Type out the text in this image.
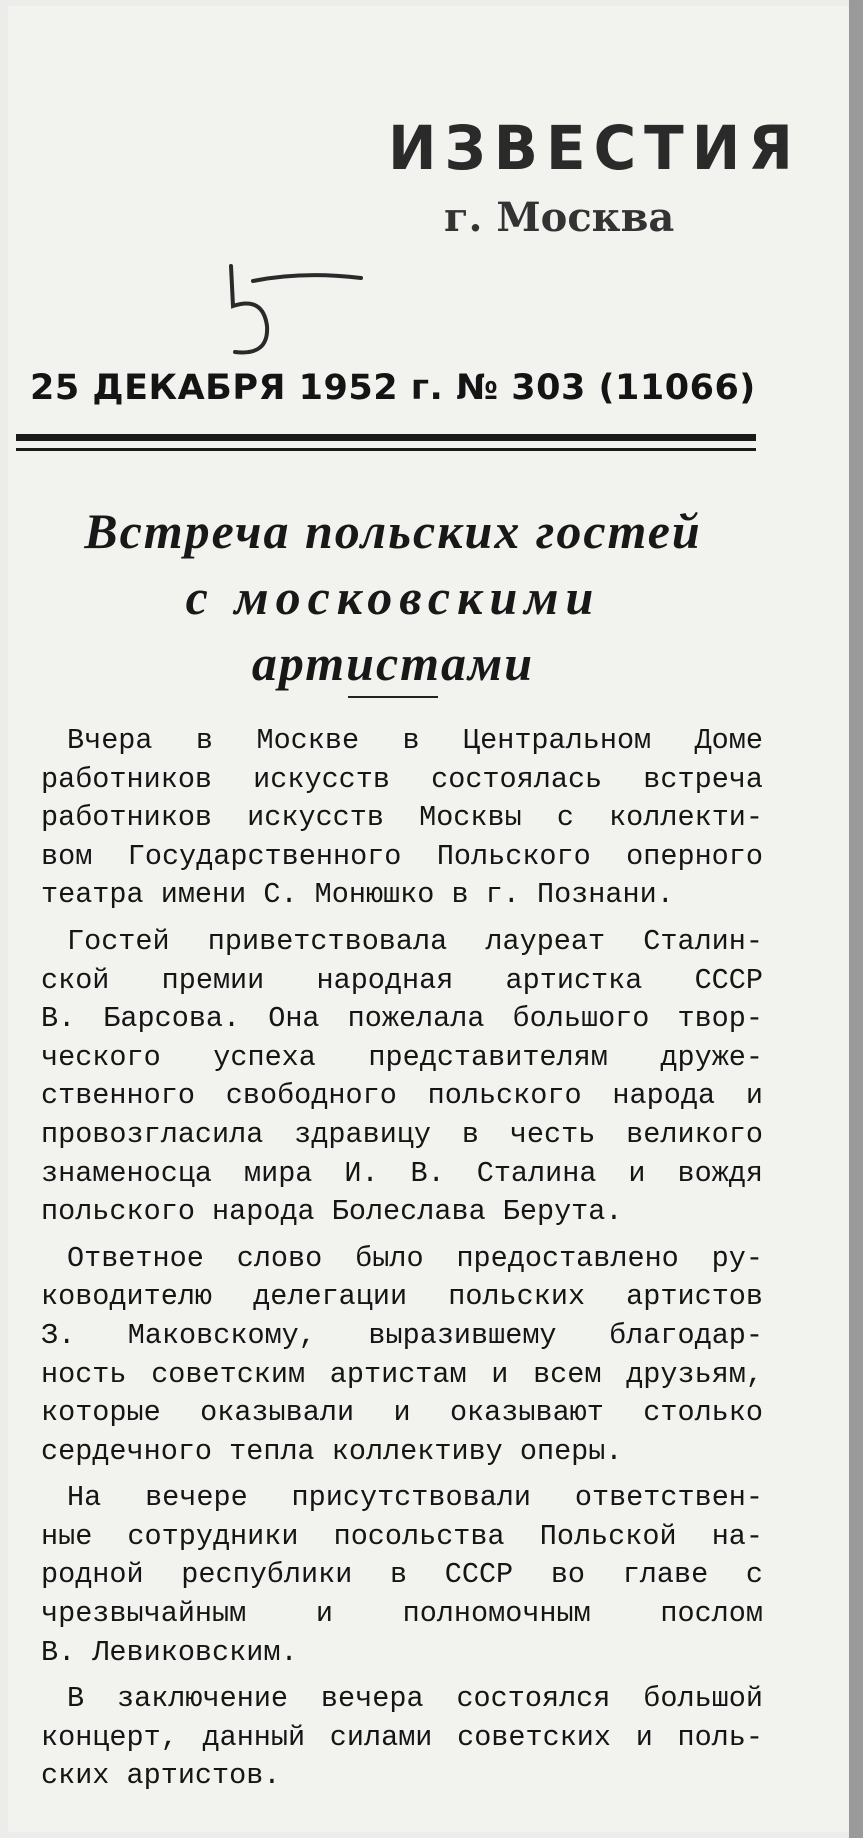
ИЗВЕСТИЯ
г. Москва
25 ДЕКАБРЯ 1952 г. № 303 (11066)
Встреча польских гостей
с московскими
артистами
Вчера в Москве в Центральном Доме
работников искусств состоялась встреча
работников искусств Москвы с коллекти-
вом Государственного Польского оперного
театра имени С. Монюшко в г. Познани.
Гостей приветствовала лауреат Сталин-
ской премии народная артистка СССР
В. Барсова. Она пожелала большого твор-
ческого успеха представителям друже-
ственного свободного польского народа и
провозгласила здравицу в честь великого
знаменосца мира И. В. Сталина и вождя
польского народа Болеслава Берута.
Ответное слово было предоставлено ру-
ководителю делегации польских артистов
З. Маковскому, выразившему благодар-
ность советским артистам и всем друзьям,
которые оказывали и оказывают столько
сердечного тепла коллективу оперы.
На вечере присутствовали ответствен-
ные сотрудники посольства Польской на-
родной республики в СССР во главе с
чрезвычайным и полномочным послом
В. Левиковским.
В заключение вечера состоялся большой
концерт, данный силами советских и поль-
ских артистов.
